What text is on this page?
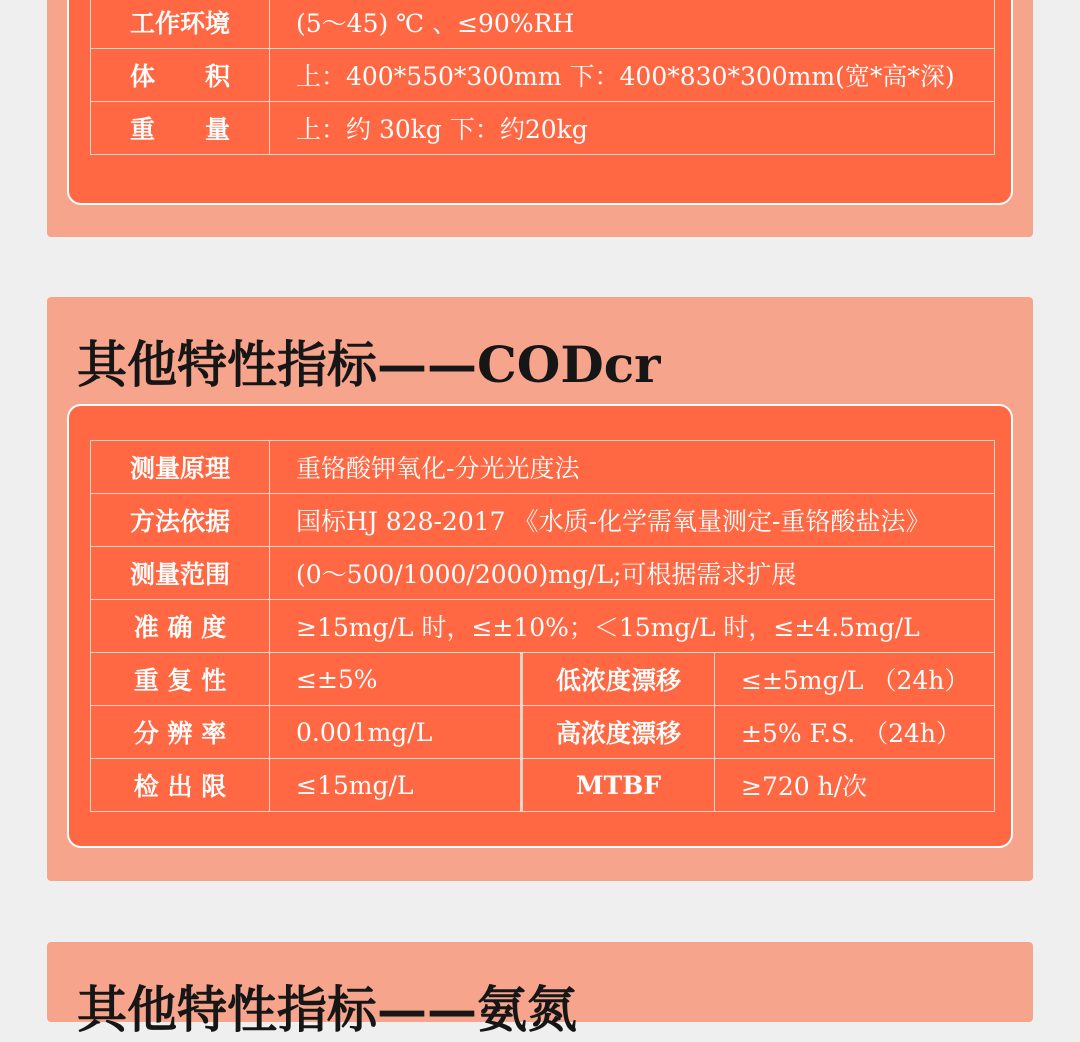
工作环境	(5～45) ℃ 、≤90%RH
体　　积	上：400*550*300mm 下：400*830*300mm(宽*高*深)
重　　量	上：约 30kg 下：约20kg
其他特性指标——CODcr
测量原理	重铬酸钾氧化-分光光度法		
方法依据	国标HJ 828-2017 《水质-化学需氧量测定-重铬酸盐法》		
测量范围	(0～500/1000/2000)mg/L;可根据需求扩展		
准 确 度	≥15mg/L 时，≤±10%；＜15mg/L 时，≤±4.5mg/L		
重 复 性	≤±5%	低浓度漂移	≤±5mg/L （24h）
分 辨 率	0.001mg/L	高浓度漂移	±5% F.S. （24h）
检 出 限	≤15mg/L	MTBF	≥720 h/次
其他特性指标——氨氮
